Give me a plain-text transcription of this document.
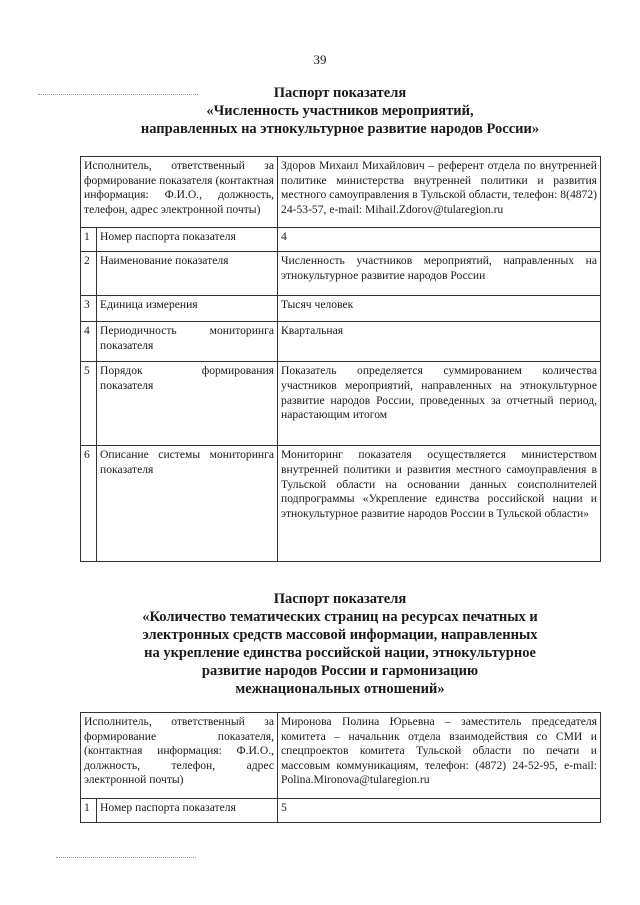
39
Паспорт показателя
«Численность участников мероприятий,
направленных на этнокультурное развитие народов России»
Исполнитель, ответственный за формирование показателя (контактная информация: Ф.И.О., должность, телефон, адрес электронной почты)		Здоров Михаил Михайлович – референт отдела по внутренней политике министерства внутренней политики и развития местного самоуправления в Тульской области, телефон: 8(4872) 24-53-57, e-mail: Mihail.Zdorov@tularegion.ru
1	Номер паспорта показателя	4
2	Наименование показателя	Численность участников мероприятий, направленных на этнокультурное развитие народов России
3	Единица измерения	Тысяч человек
4	Периодичность мониторинга показателя	Квартальная
5	Порядок формирования показателя	Показатель определяется суммированием количества участников мероприятий, направленных на этнокультурное развитие народов России, проведенных за отчетный период, нарастающим итогом
6	Описание системы мониторинга показателя	Мониторинг показателя осуществляется министерством внутренней политики и развития местного самоуправления в Тульской области на основании данных соисполнителей подпрограммы «Укрепление единства российской нации и этнокультурное развитие народов России в Тульской области»
Паспорт показателя
«Количество тематических страниц на ресурсах печатных и
электронных средств массовой информации, направленных
на укрепление единства российской нации, этнокультурное
развитие народов России и гармонизацию
межнациональных отношений»
Исполнитель, ответственный за формирование показателя, (контактная информация: Ф.И.О., должность, телефон, адрес электронной почты)		Миронова Полина Юрьевна – заместитель председателя комитета – начальник отдела взаимодействия со СМИ и спецпроектов комитета Тульской области по печати и массовым коммуникациям, телефон: (4872) 24-52-95, e-mail: Polina.Mironova@tularegion.ru
1	Номер паспорта показателя	5
